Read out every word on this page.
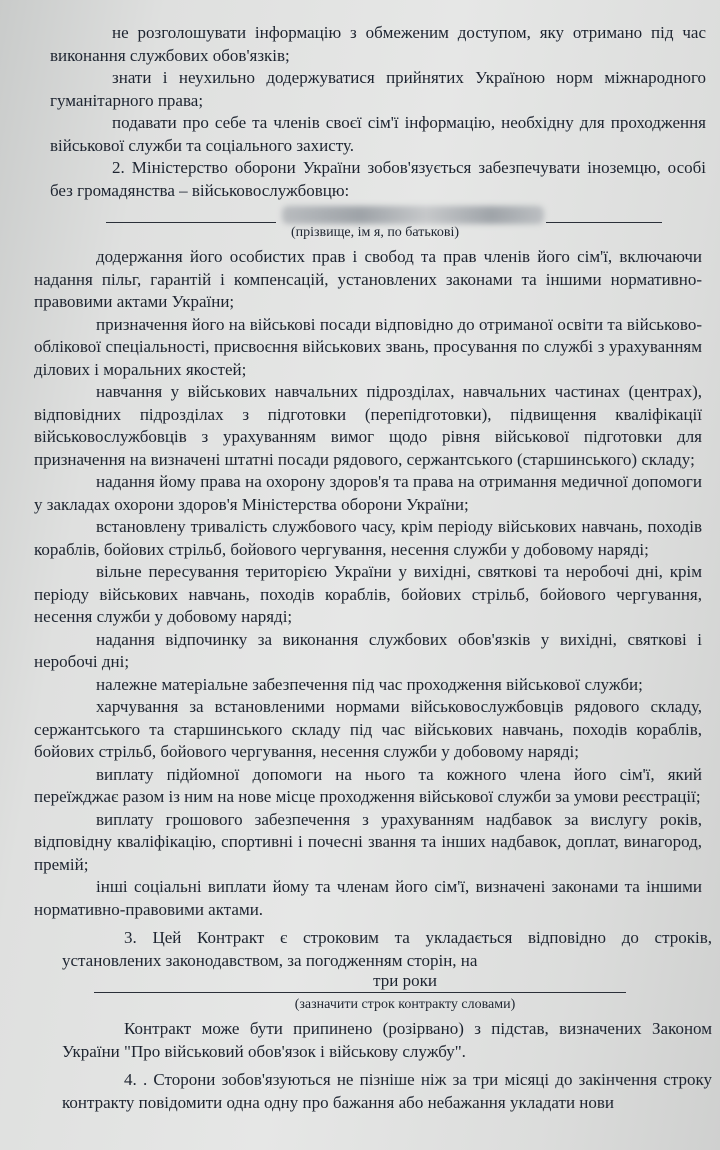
не розголошувати інформацію з обмеженим доступом, яку отримано під час виконання службових обов'язків;

знати і неухильно додержуватися прийнятих Україною норм міжнародного гуманітарного права;

подавати про себе та членів своєї сім'ї інформацію, необхідну для проходження військової служби та соціального захисту.

2. Міністерство оборони України зобов'язується забезпечувати іноземцю, особі без громадянства – військовослужбовцю:

(прізвище, ім я, по батькові)

додержання його особистих прав і свобод та прав членів його сім'ї, включаючи надання пільг, гарантій і компенсацій, установлених законами та іншими нормативно-правовими актами України;

призначення його на військові посади відповідно до отриманої освіти та військово-облікової спеціальності, присвоєння військових звань, просування по службі з урахуванням ділових і моральних якостей;

навчання у військових навчальних підрозділах, навчальних частинах (центрах), відповідних підрозділах з підготовки (перепідготовки), підвищення кваліфікації військовослужбовців з урахуванням вимог щодо рівня військової підготовки для призначення на визначені штатні посади рядового, сержантського (старшинського) складу;

надання йому права на охорону здоров'я та права на отримання медичної допомоги у закладах охорони здоров'я Міністерства оборони України;

встановлену тривалість службового часу, крім періоду військових навчань, походів кораблів, бойових стрільб, бойового чергування, несення служби у добовому наряді;

вільне пересування територією України у вихідні, святкові та неробочі дні, крім періоду військових навчань, походів кораблів, бойових стрільб, бойового чергування, несення служби у добовому наряді;

надання відпочинку за виконання службових обов'язків у вихідні, святкові і неробочі дні;

належне матеріальне забезпечення під час проходження військової служби;

харчування за встановленими нормами військовослужбовців рядового складу, сержантського та старшинського складу під час військових навчань, походів кораблів, бойових стрільб, бойового чергування, несення служби у добовому наряді;

виплату підйомної допомоги на нього та кожного члена його сім'ї, який переїжджає разом із ним на нове місце проходження військової служби за умови реєстрації;

виплату грошового забезпечення з урахуванням надбавок за вислугу років, відповідну кваліфікацію, спортивні і почесні звання та інших надбавок, доплат, винагород, премій;

інші соціальні виплати йому та членам його сім'ї, визначені законами та іншими нормативно-правовими актами.

3. Цей Контракт є строковим та укладається відповідно до строків, установлених законодавством, за погодженням сторін, на

три роки

(зазначити строк контракту словами)

Контракт може бути припинено (розірвано) з підстав, визначених Законом України "Про військовий обов'язок і військову службу".

4. . Сторони зобов'язуються не пізніше ніж за три місяці до закінчення строку контракту повідомити одна одну про бажання або небажання укладати нови
